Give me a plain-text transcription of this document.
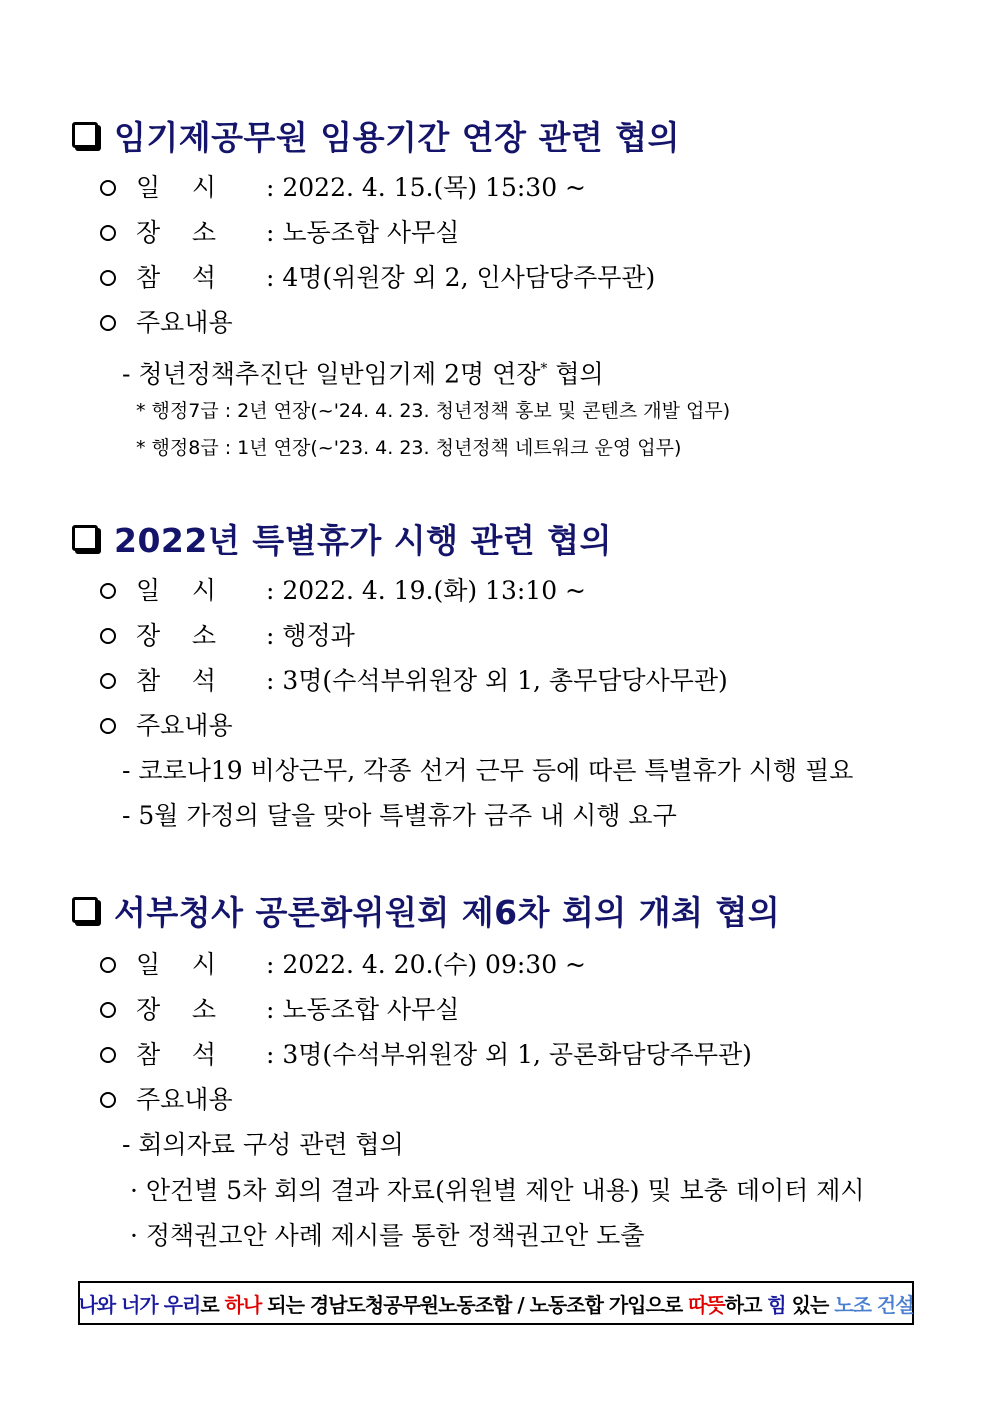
임기제공무원 임용기간 연장 관련 협의
일    시	: 2022. 4. 15.(목) 15:30 ~
장    소	: 노동조합 사무실
참    석	: 4명(위원장 외 2, 인사담당주무관)
주요내용
- 청년정책추진단 일반임기제 2명 연장* 협의
* 행정7급 : 2년 연장(~'24. 4. 23. 청년정책 홍보 및 콘텐츠 개발 업무)
* 행정8급 : 1년 연장(~'23. 4. 23. 청년정책 네트워크 운영 업무)
2022년 특별휴가 시행 관련 협의
일    시	: 2022. 4. 19.(화) 13:10 ~
장    소	: 행정과
참    석	: 3명(수석부위원장 외 1, 총무담당사무관)
주요내용
- 코로나19 비상근무, 각종 선거 근무 등에 따른 특별휴가 시행 필요
- 5월 가정의 달을 맞아 특별휴가 금주 내 시행 요구
서부청사 공론화위원회 제6차 회의 개최 협의
일    시	: 2022. 4. 20.(수) 09:30 ~
장    소	: 노동조합 사무실
참    석	: 3명(수석부위원장 외 1, 공론화담당주무관)
주요내용
- 회의자료 구성 관련 협의
· 안건별 5차 회의 결과 자료(위원별 제안 내용) 및 보충 데이터 제시
· 정책권고안 사례 제시를 통한 정책권고안 도출
나와 너가 우리 로 하나 되는 경남도청공무원노동조합 / 노동조합 가입으로 따뜻 하고 힘 있는 노조 건설
